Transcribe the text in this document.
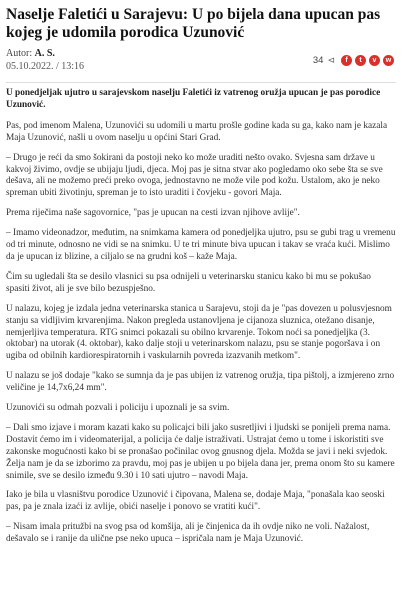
Naselje Faletići u Sarajevu: U po bijela dana upucan pas kojeg je udomila porodica Uzunović
Autor: A. S.
05.10.2022. / 13:16
34 ⊲	f	t	v	w

U ponedjeljak ujutro u sarajevskom naselju Faletići iz vatrenog oružja upucan je pas porodice Uzunović.

Pas, pod imenom Malena, Uzunovići su udomili u martu prošle godine kada su ga, kako nam je kazala Maja Uzunović, našli u ovom naselju u općini Stari Grad.

– Drugo je reći da smo šokirani da postoji neko ko može uraditi nešto ovako. Svjesna sam države u kakvoj živimo, ovdje se ubijaju ljudi, djeca. Moj pas je sitna stvar ako pogledamo oko sebe šta se sve dešava, ali ne možemo preći preko ovoga, jednostavno ne može vile pod kožu. Ustalom, ako je neko spreman ubiti životinju, spreman je to isto uraditi i čovjeku - govori Maja.

Prema riječima naše sagovornice, "pas je upucan na cesti izvan njihove avlije".

– Imamo videonadzor, međutim, na snimkama kamera od ponedjeljka ujutro, psu se gubi trag u vremenu od tri minute, odnosno ne vidi se na snimku. U te tri minute biva upucan i takav se vraća kući. Mislimo da je upucan iz blizine, a ciljalo se na grudni koš – kaže Maja.

Čim su ugledali šta se desilo vlasnici su psa odnijeli u veterinarsku stanicu kako bi mu se pokušao spasiti život, ali je sve bilo bezuspješno.

U nalazu, kojeg je izdala jedna veterinarska stanica u Sarajevu, stoji da je "pas dovezen u polusvjesnom stanju sa vidljivim krvarenjima. Nakon pregleda ustanovljena je cijanoza sluznica, otežano disanje, nemjerljiva temperatura. RTG snimci pokazali su obilno krvarenje. Tokom noći sa ponedjeljka (3. oktobar) na utorak (4. oktobar), kako dalje stoji u veterinarskom nalazu, psu se stanje pogoršava i on ugiba od obilnih kardiorespiratornih i vaskularnih povreda izazvanih metkom".

U nalazu se još dodaje "kako se sumnja da je pas ubijen iz vatrenog oružja, tipa pištolj, a izmjereno zrno veličine je 14,7x6,24 mm".

Uzunovići su odmah pozvali i policiju i upoznali je sa svim.

– Dali smo izjave i moram kazati kako su policajci bili jako susretljivi i ljudski se ponijeli prema nama. Dostavit ćemo im i videomaterijal, a policija će dalje istraživati. Ustrajat ćemo u tome i iskoristiti sve zakonske mogućnosti kako bi se pronašao počinilac ovog gnusnog djela. Možda se javi i neki svjedok. Želja nam je da se izborimo za pravdu, moj pas je ubijen u po bijela dana jer, prema onom što su kamere snimile, sve se desilo između 9.30 i 10 sati ujutro – navodi Maja.

Iako je bila u vlasništvu porodice Uzunović i čipovana, Malena se, dodaje Maja, "ponašala kao seoski pas, pa je znala izaći iz avlije, obići naselje i ponovo se vratiti kući".

– Nisam imala pritužbi na svog psa od komšija, ali je činjenica da ih ovdje niko ne voli. Nažalost, dešavalo se i ranije da ulične pse neko upuca – ispričala nam je Maja Uzunović.
